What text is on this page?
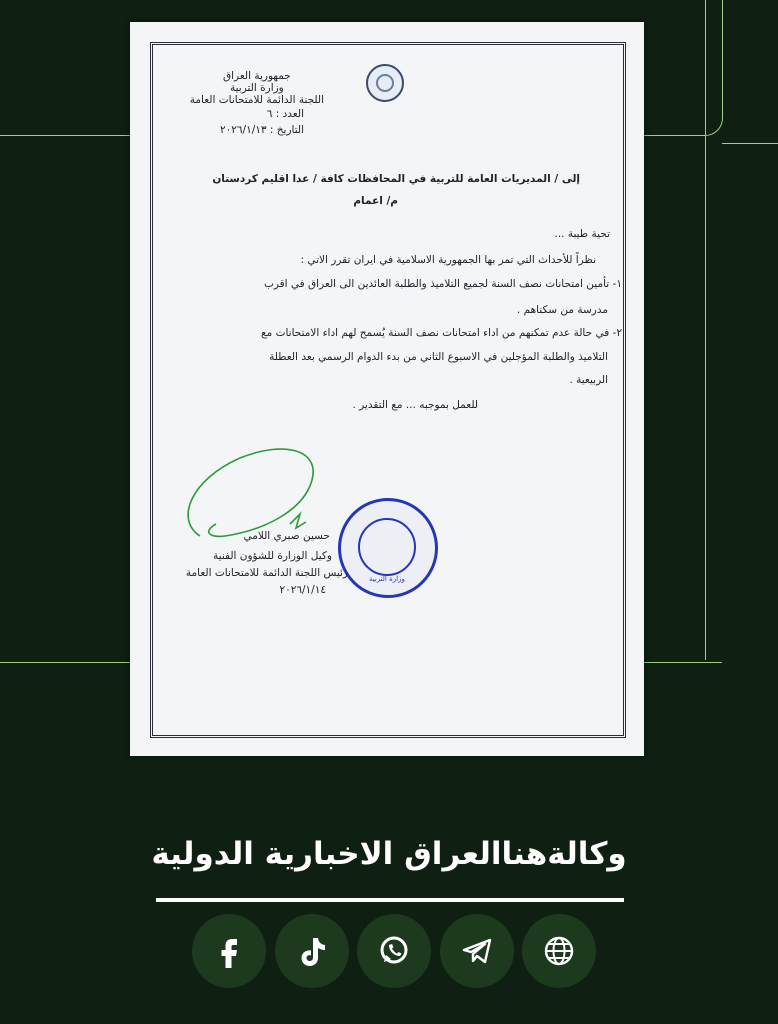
جمهورية العراق
وزارة التربية
اللجنة الدائمة للامتحانات العامة
العدد : ٦
التاريخ : ٢٠٢٦/١/١٣
إلى / المديريات العامة للتربية في المحافظات كافة / عدا اقليم كردستان
م/ اعمام
تحية طيبة ...
نظراً للأحداث التي تمر بها الجمهورية الاسلامية في ايران تقرر الاتي :
١- تأمين امتحانات نصف السنة لجميع التلاميذ والطلبة العائدين الى العراق في اقرب
مدرسة من سكناهم .
٢- في حالة عدم تمكنهم من اداء امتحانات نصف السنة يُسمح لهم اداء الامتحانات مع
التلاميذ والطلبة المؤجلين في الاسبوع الثاني من بدء الدوام الرسمي بعد العطلة
الربيعية .
للعمل بموجبه ... مع التقدير .
وزارة التربية
حسين صبري اللامي
وكيل الوزارة للشؤون الفنية
رئيس اللجنة الدائمة للامتحانات العامة
٢٠٢٦/١/١٤
وكالةهناالعراق الاخبارية الدولية
